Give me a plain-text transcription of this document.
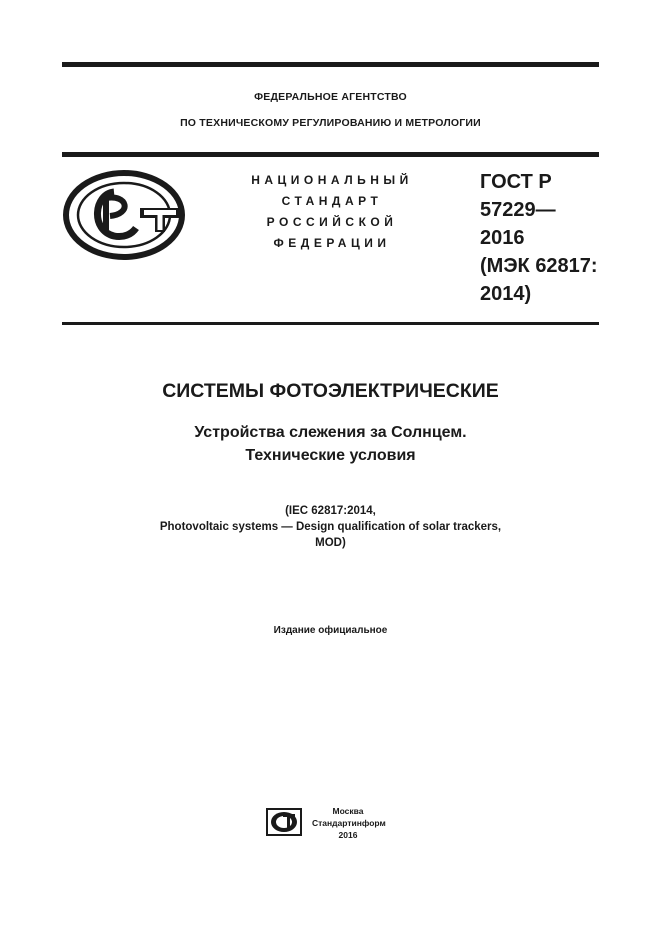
ФЕДЕРАЛЬНОЕ АГЕНТСТВО
ПО ТЕХНИЧЕСКОМУ РЕГУЛИРОВАНИЮ И МЕТРОЛОГИИ
НАЦИОНАЛЬНЫЙ
СТАНДАРТ
РОССИЙСКОЙ
ФЕДЕРАЦИИ
ГОСТ Р
57229—
2016
(МЭК 62817:
2014)
СИСТЕМЫ ФОТОЭЛЕКТРИЧЕСКИЕ
Устройства слежения за Солнцем.
Технические условия
(IEC 62817:2014,
Photovoltaic systems — Design qualification of solar trackers,
MOD)
Издание официальное
Москва
Стандартинформ
2016
